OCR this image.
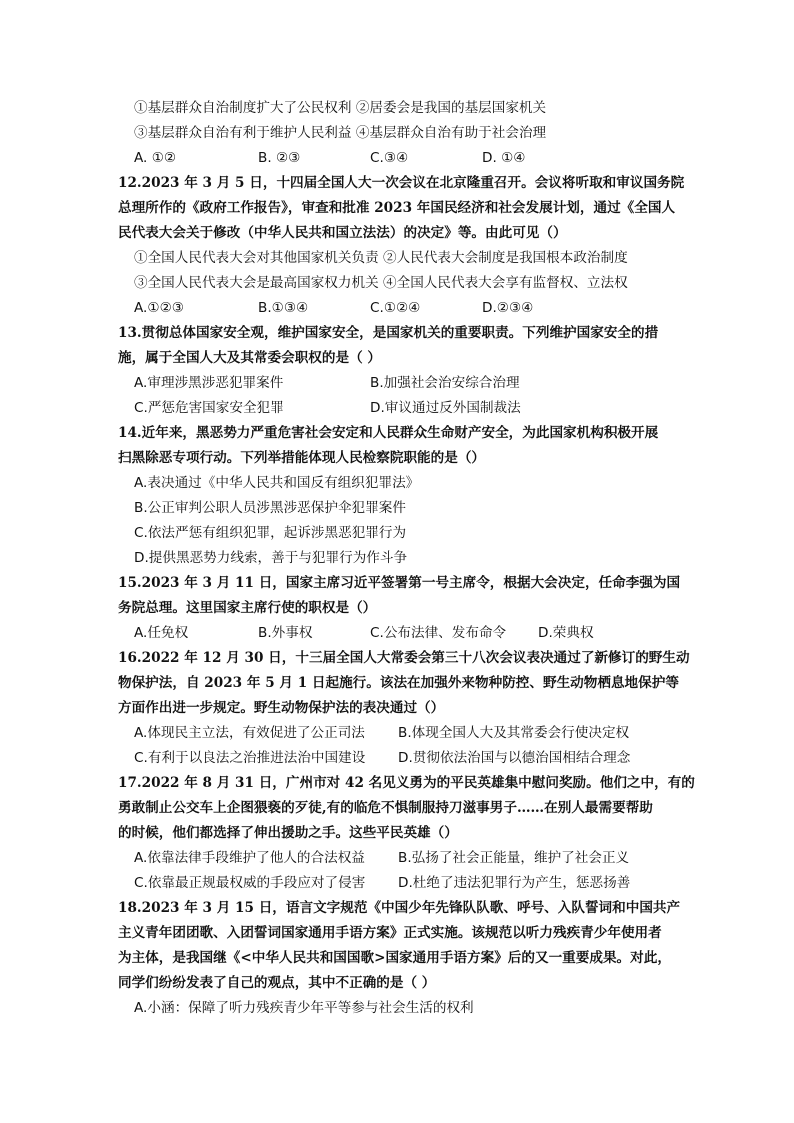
①基层群众自治制度扩大了公民权利 ②居委会是我国的基层国家机关
③基层群众自治有利于维护人民利益 ④基层群众自治有助于社会治理
A. ①②	B. ②③	C.③④	D. ①④
12.2023 年 3 月 5 日，十四届全国人大一次会议在北京隆重召开。会议将听取和审议国务院
总理所作的《政府工作报告》，审查和批准 2023 年国民经济和社会发展计划，通过《全国人
民代表大会关于修改（中华人民共和国立法法）的决定》等。由此可见（）
①全国人民代表大会对其他国家机关负责 ②人民代表大会制度是我国根本政治制度
③全国人民代表大会是最高国家权力机关 ④全国人民代表大会享有监督权、立法权
A.①②③	B.①③④	C.①②④	D.②③④
13.贯彻总体国家安全观，维护国家安全，是国家机关的重要职责。下列维护国家安全的措
施，属于全国人大及其常委会职权的是（ ）
A.审理涉黑涉恶犯罪案件	B.加强社会治安综合治理
C.严惩危害国家安全犯罪	D.审议通过反外国制裁法
14.近年来，黑恶势力严重危害社会安定和人民群众生命财产安全，为此国家机构积极开展
扫黑除恶专项行动。下列举措能体现人民检察院职能的是（）
A.表决通过《中华人民共和国反有组织犯罪法》
B.公正审判公职人员涉黑涉恶保护伞犯罪案件
C.依法严惩有组织犯罪，起诉涉黑恶犯罪行为
D.提供黑恶势力线索，善于与犯罪行为作斗争
15.2023 年 3 月 11 日，国家主席习近平签署第一号主席令，根据大会决定，任命李强为国
务院总理。这里国家主席行使的职权是（）
A.任免权	B.外事权	C.公布法律、发布命令 D.荣典权
16.2022 年 12 月 30 日，十三届全国人大常委会第三十八次会议表决通过了新修订的野生动
物保护法，自 2023 年 5 月 1 日起施行。该法在加强外来物种防控、野生动物栖息地保护等
方面作出进一步规定。野生动物保护法的表决通过（）
A.体现民主立法，有效促进了公正司法 B.体现全国人大及其常委会行使决定权
C.有利于以良法之治推进法治中国建设 D.贯彻依法治国与以德治国相结合理念
17.2022 年 8 月 31 日，广州市对 42 名见义勇为的平民英雄集中慰问奖励。他们之中，有的
勇敢制止公交车上企图猥亵的歹徒,有的临危不惧制服持刀滋事男子……在别人最需要帮助
的时候，他们都选择了伸出援助之手。这些平民英雄（）
A.依靠法律手段维护了他人的合法权益 B.弘扬了社会正能量，维护了社会正义
C.依靠最正规最权威的手段应对了侵害 D.杜绝了违法犯罪行为产生，惩恶扬善
18.2023 年 3 月 15 日，语言文字规范《中国少年先锋队队歌、呼号、入队誓词和中国共产
主义青年团团歌、入团誓词国家通用手语方案》正式实施。该规范以听力残疾青少年使用者
为主体，是我国继《<中华人民共和国国歌>国家通用手语方案》后的又一重要成果。对此，
同学们纷纷发表了自己的观点，其中不正确的是（ ）
A.小涵：保障了听力残疾青少年平等参与社会生活的权利
